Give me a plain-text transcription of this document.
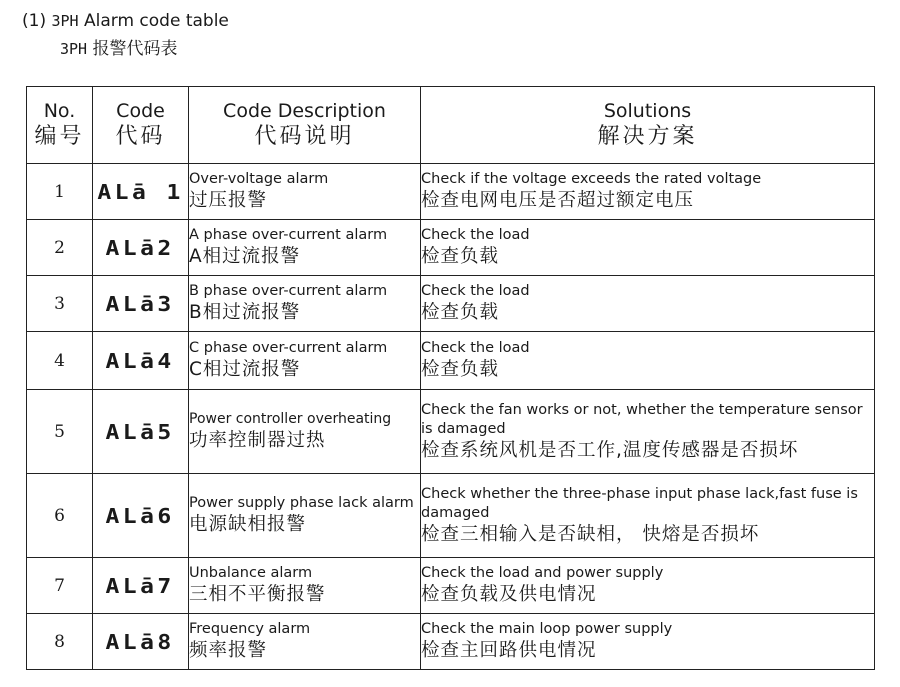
(1) 3PH Alarm code table
3PH 报警代码表
No.
编号	Code
代码	Code Description
代码说明	Solutions
解决方案

1	ALā 1	Over-voltage alarm
过压报警	Check if the voltage exceeds the rated voltage
检查电网电压是否超过额定电压

2	ALā2	A phase over-current alarm
A相过流报警	Check the load
检查负载

3	ALā3	B phase over-current alarm
B相过流报警	Check the load
检查负载

4	ALā4	C phase over-current alarm
C相过流报警	Check the load
检查负载

5	ALā5	Power controller overheating
功率控制器过热	Check the fan works or not, whether the temperature sensor is damaged
检查系统风机是否工作,温度传感器是否损坏

6	ALā6	Power supply phase lack alarm
电源缺相报警	Check whether the three-phase input phase lack,fast fuse is damaged
检查三相输入是否缺相， 快熔是否损坏

7	ALā7	Unbalance alarm
三相不平衡报警	Check the load and power supply
检查负载及供电情况

8	ALā8	Frequency alarm
频率报警	Check the main loop power supply
检查主回路供电情况
